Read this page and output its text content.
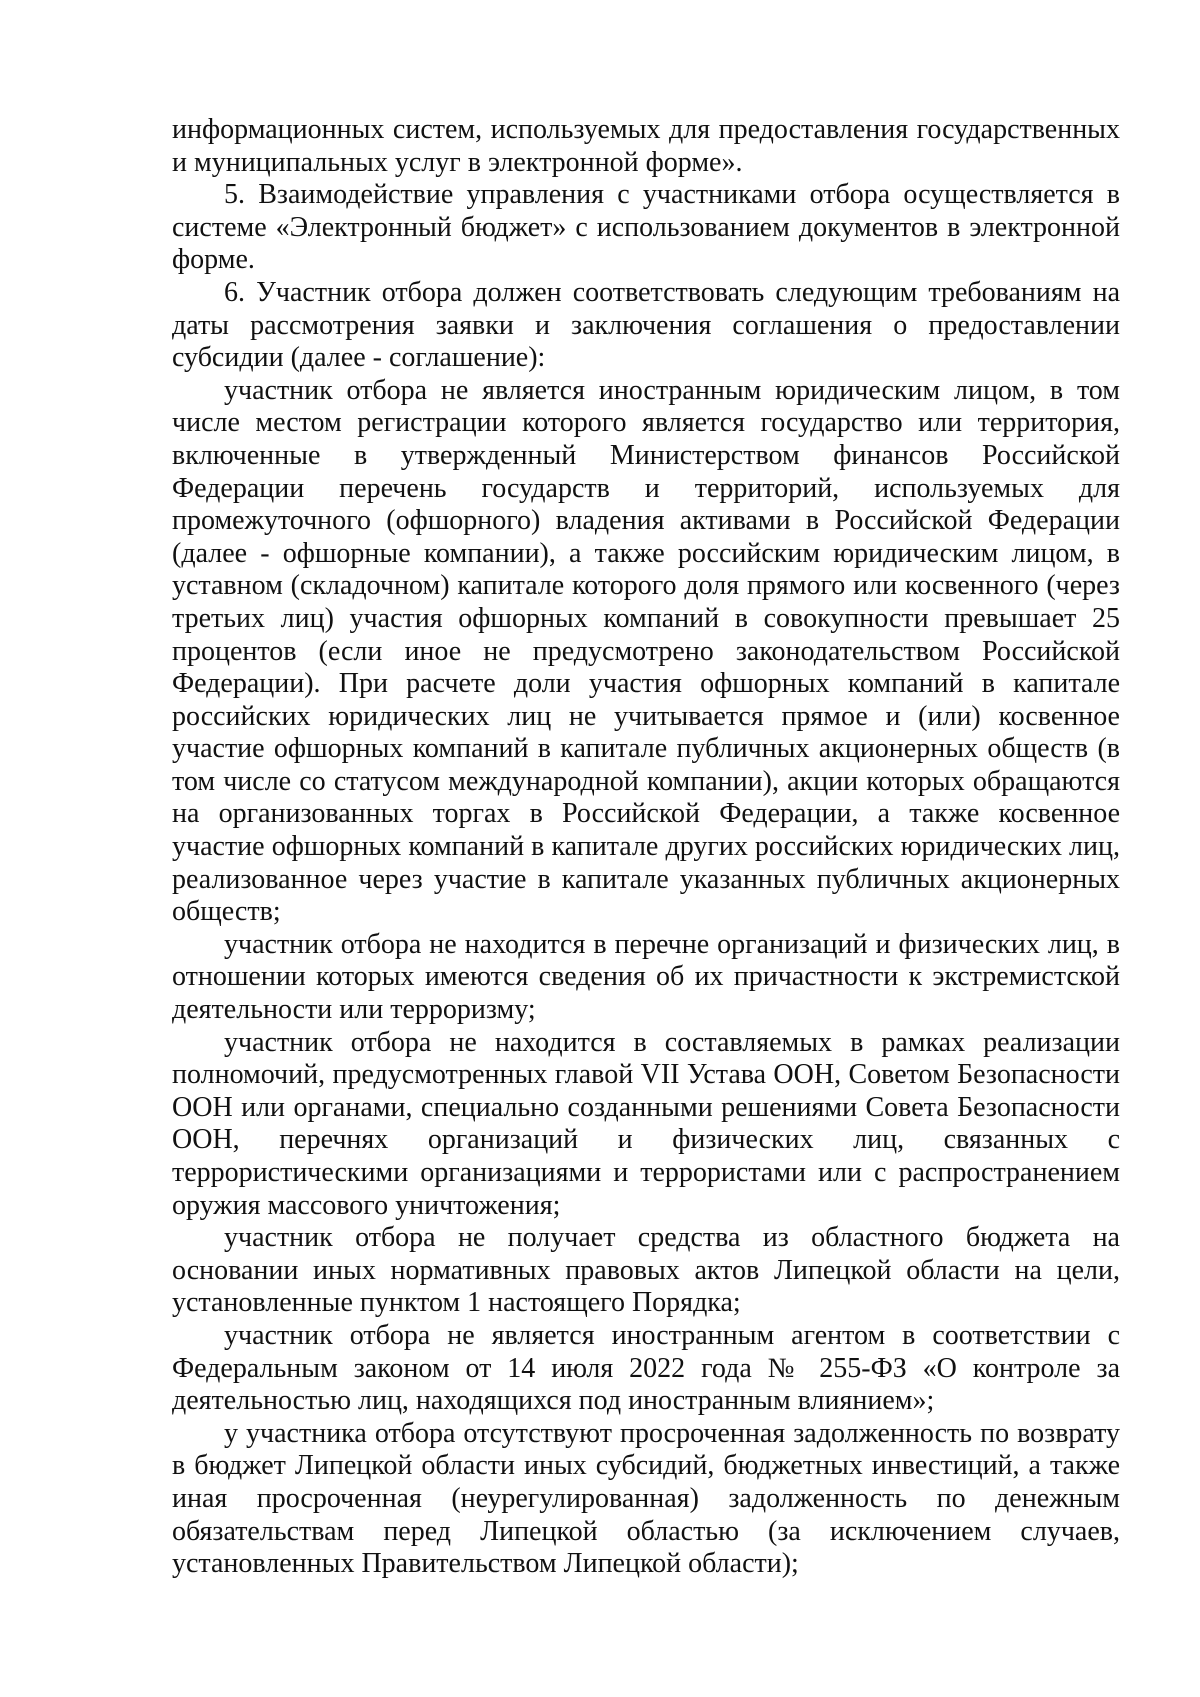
информационных систем, используемых для предоставления государственных и муниципальных услуг в электронной форме».

5. Взаимодействие управления с участниками отбора осуществляется в системе «Электронный бюджет» с использованием документов в электронной форме.

6. Участник отбора должен соответствовать следующим требованиям на даты рассмотрения заявки и заключения соглашения о предоставлении субсидии (далее - соглашение):

участник отбора не является иностранным юридическим лицом, в том числе местом регистрации которого является государство или территория, включенные в утвержденный Министерством финансов Российской Федерации перечень государств и территорий, используемых для промежуточного (офшорного) владения активами в Российской Федерации (далее - офшорные компании), а также российским юридическим лицом, в уставном (складочном) капитале которого доля прямого или косвенного (через третьих лиц) участия офшорных компаний в совокупности превышает 25 процентов (если иное не предусмотрено законодательством Российской Федерации). При расчете доли участия офшорных компаний в капитале российских юридических лиц не учитывается прямое и (или) косвенное участие офшорных компаний в капитале публичных акционерных обществ (в том числе со статусом международной компании), акции которых обращаются на организованных торгах в Российской Федерации, а также косвенное участие офшорных компаний в капитале других российских юридических лиц, реализованное через участие в капитале указанных публичных акционерных обществ;

участник отбора не находится в перечне организаций и физических лиц, в отношении которых имеются сведения об их причастности к экстремистской деятельности или терроризму;

участник отбора не находится в составляемых в рамках реализации полномочий, предусмотренных главой VII Устава ООН, Советом Безопасности ООН или органами, специально созданными решениями Совета Безопасности ООН, перечнях организаций и физических лиц, связанных с террористическими организациями и террористами или с распространением оружия массового уничтожения;

участник отбора не получает средства из областного бюджета на основании иных нормативных правовых актов Липецкой области на цели, установленные пунктом 1 настоящего Порядка;

участник отбора не является иностранным агентом в соответствии с Федеральным законом от 14 июля 2022 года № 255-ФЗ «О контроле за деятельностью лиц, находящихся под иностранным влиянием»;

у участника отбора отсутствуют просроченная задолженность по возврату в бюджет Липецкой области иных субсидий, бюджетных инвестиций, а также иная просроченная (неурегулированная) задолженность по денежным обязательствам перед Липецкой областью (за исключением случаев, установленных Правительством Липецкой области);
